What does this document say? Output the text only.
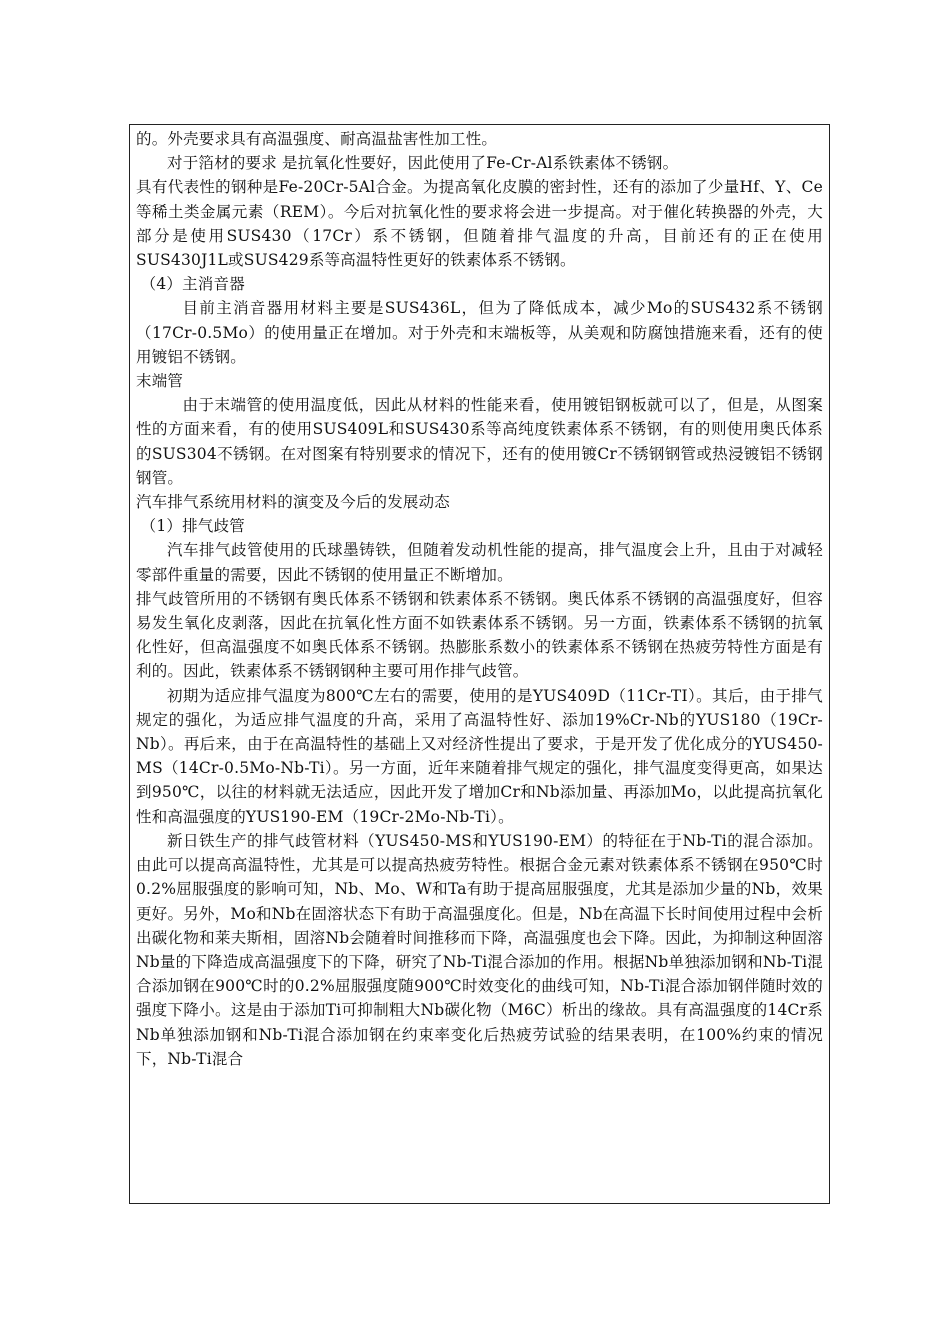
的。外壳要求具有高温强度、耐高温盐害性加工性。

对于箔材的要求 是抗氧化性要好，因此使用了Fe-Cr-Al系铁素体不锈钢。

具有代表性的钢种是Fe-20Cr-5Al合金。为提高氧化皮膜的密封性，还有的添加了少量Hf、Y、Ce等稀土类金属元素（REM）。今后对抗氧化性的要求将会进一步提高。对于催化转换器的外壳，大部分是使用SUS430（17Cr）系不锈钢，但随着排气温度的升高，目前还有的正在使用SUS430J1L或SUS429系等高温特性更好的铁素体系不锈钢。

（4）主消音器

目前主消音器用材料主要是SUS436L，但为了降低成本，减少Mo的SUS432系不锈钢（17Cr-0.5Mo）的使用量正在增加。对于外壳和末端板等，从美观和防腐蚀措施来看，还有的使用镀铝不锈钢。

末端管

由于末端管的使用温度低，因此从材料的性能来看，使用镀铝钢板就可以了，但是，从图案性的方面来看，有的使用SUS409L和SUS430系等高纯度铁素体系不锈钢，有的则使用奥氏体系的SUS304不锈钢。在对图案有特别要求的情况下，还有的使用镀Cr不锈钢钢管或热浸镀铝不锈钢钢管。

汽车排气系统用材料的演变及今后的发展动态

（1）排气歧管

汽车排气歧管使用的氏球墨铸铁，但随着发动机性能的提高，排气温度会上升，且由于对减轻零部件重量的需要，因此不锈钢的使用量正不断增加。

排气歧管所用的不锈钢有奥氏体系不锈钢和铁素体系不锈钢。奥氏体系不锈钢的高温强度好，但容易发生氧化皮剥落，因此在抗氧化性方面不如铁素体系不锈钢。另一方面，铁素体系不锈钢的抗氧化性好，但高温强度不如奥氏体系不锈钢。热膨胀系数小的铁素体系不锈钢在热疲劳特性方面是有利的。因此，铁素体系不锈钢钢种主要可用作排气歧管。

初期为适应排气温度为800℃左右的需要，使用的是YUS409D（11Cr-TI）。其后，由于排气规定的强化，为适应排气温度的升高，采用了高温特性好、添加19%Cr-Nb的YUS180（19Cr-Nb）。再后来，由于在高温特性的基础上又对经济性提出了要求，于是开发了优化成分的YUS450-MS（14Cr-0.5Mo-Nb-Ti）。另一方面，近年来随着排气规定的强化，排气温度变得更高，如果达到950℃，以往的材料就无法适应，因此开发了增加Cr和Nb添加量、再添加Mo，以此提高抗氧化性和高温强度的YUS190-EM（19Cr-2Mo-Nb-Ti）。

新日铁生产的排气歧管材料（YUS450-MS和YUS190-EM）的特征在于Nb-Ti的混合添加。由此可以提高高温特性，尤其是可以提高热疲劳特性。根据合金元素对铁素体系不锈钢在950℃时0.2%屈服强度的影响可知，Nb、Mo、W和Ta有助于提高屈服强度，尤其是添加少量的Nb，效果更好。另外，Mo和Nb在固溶状态下有助于高温强度化。但是，Nb在高温下长时间使用过程中会析出碳化物和莱夫斯相，固溶Nb会随着时间推移而下降，高温强度也会下降。因此，为抑制这种固溶Nb量的下降造成高温强度下的下降，研究了Nb-Ti混合添加的作用。根据Nb单独添加钢和Nb-Ti混合添加钢在900℃时的0.2%屈服强度随900℃时效变化的曲线可知，Nb-Ti混合添加钢伴随时效的强度下降小。这是由于添加Ti可抑制粗大Nb碳化物（M6C）析出的缘故。具有高温强度的14Cr系Nb单独添加钢和Nb-Ti混合添加钢在约束率变化后热疲劳试验的结果表明，在100%约束的情况下，Nb-Ti混合
